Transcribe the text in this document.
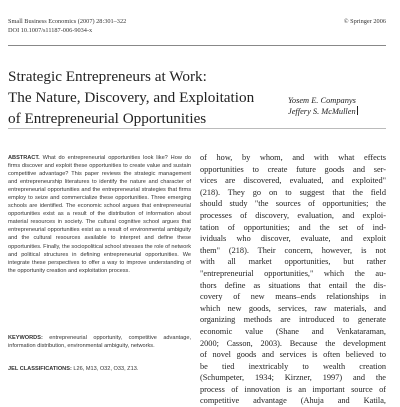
Small Business Economics (2007) 28:301–322
DOI 10.1007/s11187-006-9034-x
© Springer 2006
Strategic Entrepreneurs at Work:
The Nature, Discovery, and Exploitation
of Entrepreneurial Opportunities
Yosem E. Companys
Jeffery S. McMullen
ABSTRACT. What do entrepreneurial opportunities look like? How do firms discover and exploit these opportunities to create value and sustain competitive advantage? This paper reviews the strategic management and entrepreneurship literatures to identify the nature and character of entrepreneurial opportunities and the entrepreneurial strategies that firms employ to seize and commercialize these opportunities. Three emerging schools are identified. The economic school argues that entrepreneurial opportunities exist as a result of the distribution of information about material resources in society. The cultural cognitive school argues that entrepreneurial opportunities exist as a result of environmental ambiguity and the cultural resources available to interpret and define these opportunities. Finally, the sociopolitical school stresses the role of network and political structures in defining entrepreneurial opportunities. We integrate these perspectives to offer a way to improve understanding of the opportunity creation and exploitation process.
KEYWORDS: entrepreneurial opportunity, competitive advantage, information distribution, environmental ambiguity, networks.
JEL CLASSIFICATIONS: L26, M13, O32, O33, Z13.
of how, by whom, and with what effects
opportunities to create future goods and ser-
vices are discovered, evaluated, and exploited"
(218). They go on to suggest that the field
should study "the sources of opportunities; the
processes of discovery, evaluation, and exploi-
tation of opportunities; and the set of ind-
ividuals who discover, evaluate, and exploit
them" (218). Their concern, however, is not
with all market opportunities, but rather
"entrepreneurial opportunities," which the au-
thors define as situations that entail the dis-
covery of new means–ends relationships in
which new goods, services, raw materials, and
organizing methods are introduced to generate
economic value (Shane and Venkataraman,
2000; Casson, 2003). Because the development
of novel goods and services is often believed to
be tied inextricably to wealth creation
(Schumpeter, 1934; Kirzner, 1997) and the
process of innovation is an important source of
competitive advantage (Ahuja and Katila,
